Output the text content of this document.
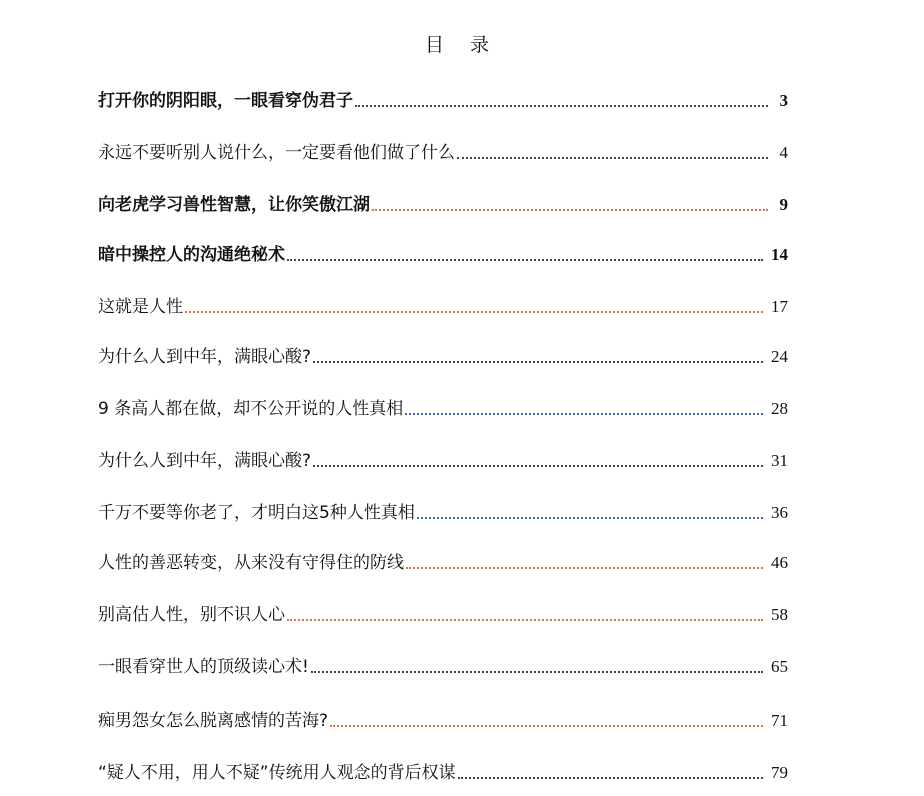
目 录
打开你的阴阳眼，一眼看穿伪君子	3
永远不要听别人说什么，一定要看他们做了什么	4
向老虎学习兽性智慧，让你笑傲江湖	9
暗中操控人的沟通绝秘术	14
这就是人性	17
为什么人到中年，满眼心酸?	24
9 条高人都在做，却不公开说的人性真相	28
为什么人到中年，满眼心酸?	31
千万不要等你老了，才明白这5种人性真相	36
人性的善恶转变，从来没有守得住的防线	46
别高估人性，别不识人心	58
一眼看穿世人的顶级读心术!	65
痴男怨女怎么脱离感情的苦海?	71
“疑人不用，用人不疑”传统用人观念的背后权谋	79
